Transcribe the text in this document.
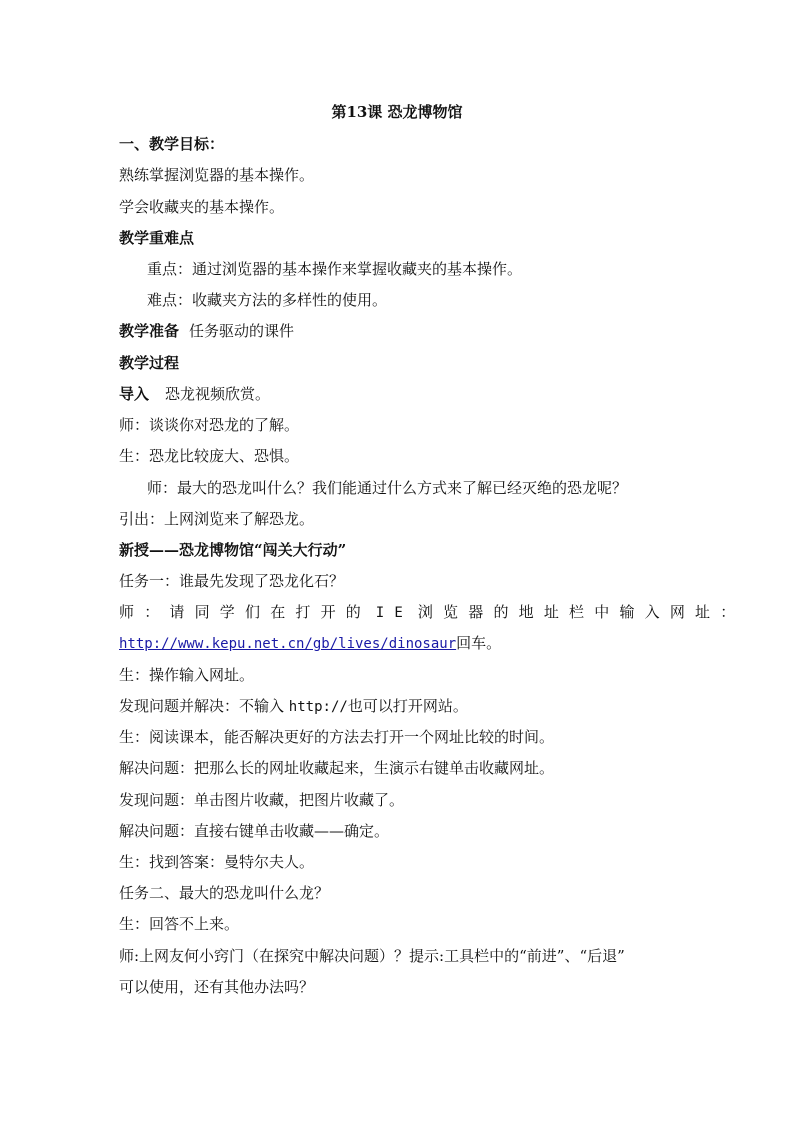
第13课 恐龙博物馆
一、教学目标：
熟练掌握浏览器的基本操作。
学会收藏夹的基本操作。
教学重难点
重点：通过浏览器的基本操作来掌握收藏夹的基本操作。
难点：收藏夹方法的多样性的使用。
教学准备 任务驱动的课件
教学过程
导入 恐龙视频欣赏。
师：谈谈你对恐龙的了解。
生：恐龙比较庞大、恐惧。
师：最大的恐龙叫什么？我们能通过什么方式来了解已经灭绝的恐龙呢？
引出：上网浏览来了解恐龙。
新授——恐龙博物馆“闯关大行动”
任务一：谁最先发现了恐龙化石？
师：请同学们在打开的 IE 浏览器的地址栏中输入网址：
http://www.kepu.net.cn/gb/lives/dinosaur回车。
生：操作输入网址。
发现问题并解决：不输入 http://也可以打开网站。
生：阅读课本，能否解决更好的方法去打开一个网址比较的时间。
解决问题：把那么长的网址收藏起来，生演示右键单击收藏网址。
发现问题：单击图片收藏，把图片收藏了。
解决问题：直接右键单击收藏——确定。
生：找到答案：曼特尔夫人。
任务二、最大的恐龙叫什么龙？
生：回答不上来。
师:上网友何小窍门（在探究中解决问题）？提示:工具栏中的“前进”、“后退”
可以使用，还有其他办法吗？
